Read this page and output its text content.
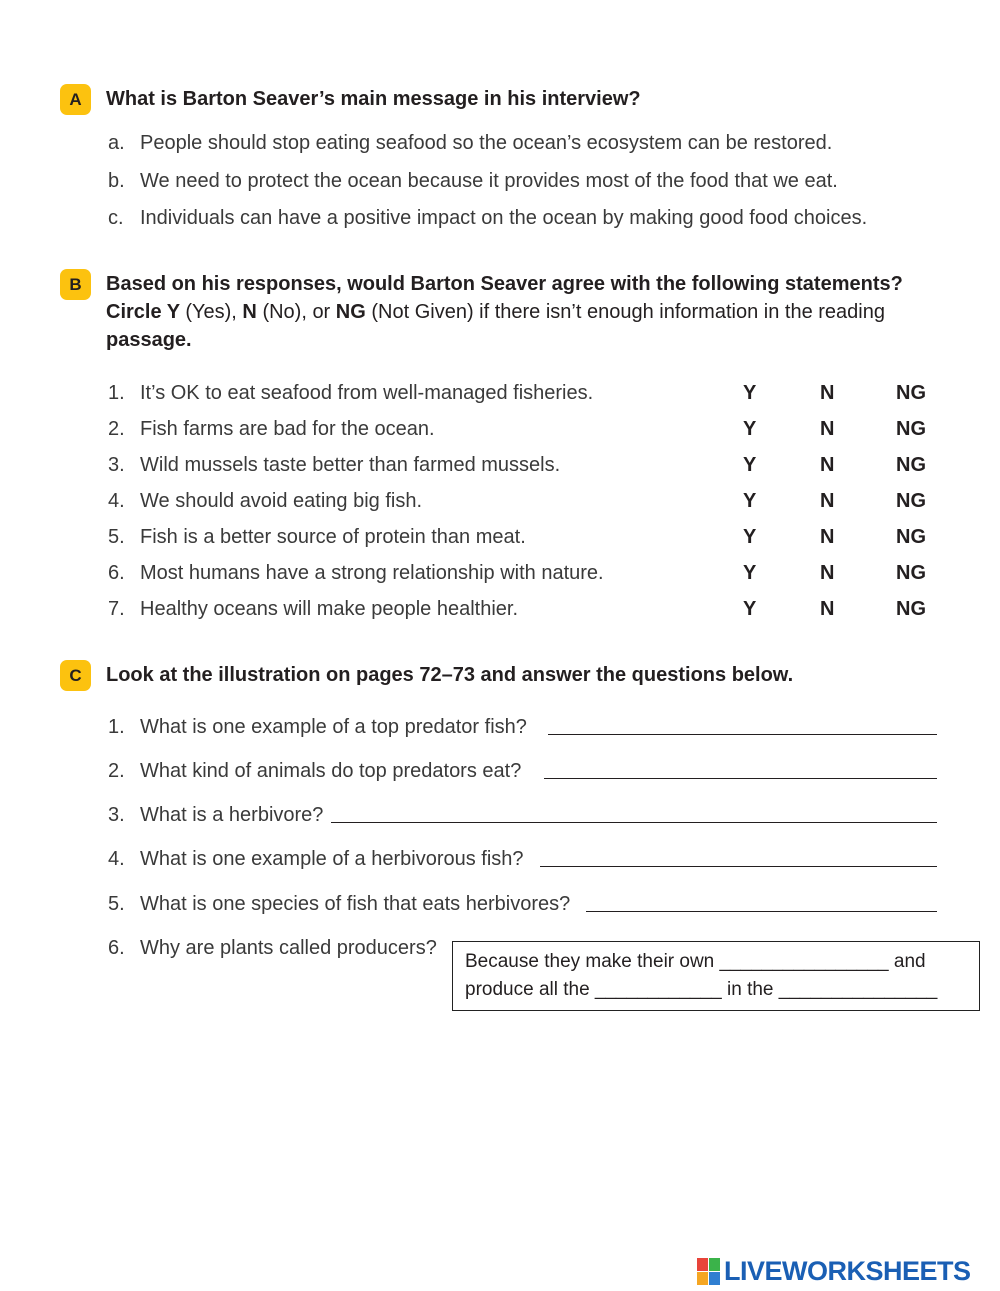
A	What is Barton Seaver’s main message in his interview?
a. People should stop eating seafood so the ocean’s ecosystem can be restored.
b. We need to protect the ocean because it provides most of the food that we eat.
c. Individuals can have a positive impact on the ocean by making good food choices.
B	Based on his responses, would Barton Seaver agree with the following statements?
Circle Y (Yes), N (No), or NG (Not Given) if there isn’t enough information in the reading
passage.
1. It’s OK to eat seafood from well-managed fisheries.	Y	N	NG
2. Fish farms are bad for the ocean.	Y	N	NG
3. Wild mussels taste better than farmed mussels.	Y	N	NG
4. We should avoid eating big fish.	Y	N	NG
5. Fish is a better source of protein than meat.	Y	N	NG
6. Most humans have a strong relationship with nature.	Y	N	NG
7. Healthy oceans will make people healthier.	Y	N	NG
C	Look at the illustration on pages 72–73 and answer the questions below.
1. What is one example of a top predator fish?
2. What kind of animals do top predators eat?
3. What is a herbivore?
4. What is one example of a herbivorous fish?
5. What is one species of fish that eats herbivores?
6. Why are plants called producers?
Because they make their own ________________ and
produce all the ____________ in the _______________
LIVEWORKSHEETS
